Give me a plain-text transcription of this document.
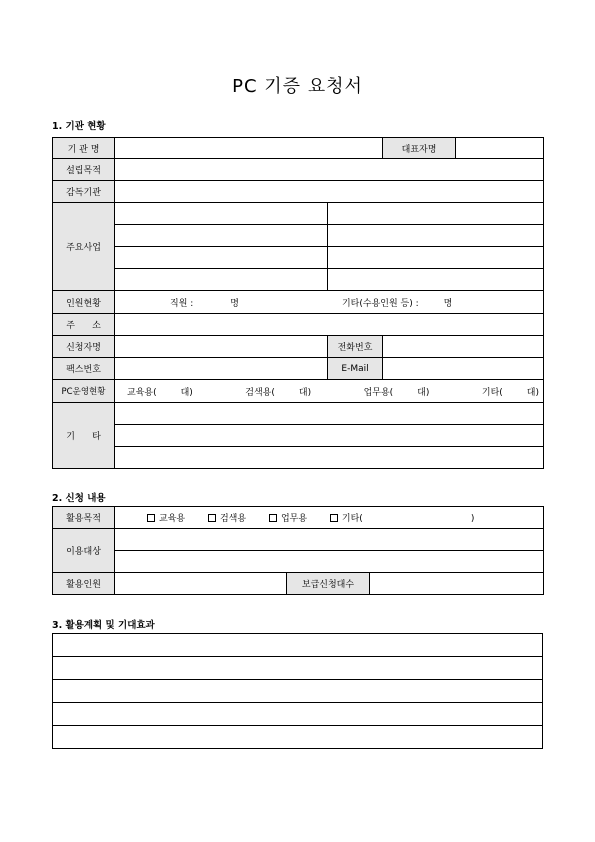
PC 기증 요청서
1. 기관 현황
기 관 명			대표자명	
설립목적				
감독기관				
주요사업				

인원현황	직원 : 명 기타(수용인원 등) : 명			
주      소				
신청자명		전화번호		
팩스번호		E-Mail		
PC운영현황	교육용( 대) 검색용( 대) 업무용( 대) 기타( 대)			

기      타				

2. 신청 내용
활용목적	교육용 검색용 업무용 기타( )		
이용대상			

활용인원		보급신청대수	
3. 활용계획 및 기대효과
